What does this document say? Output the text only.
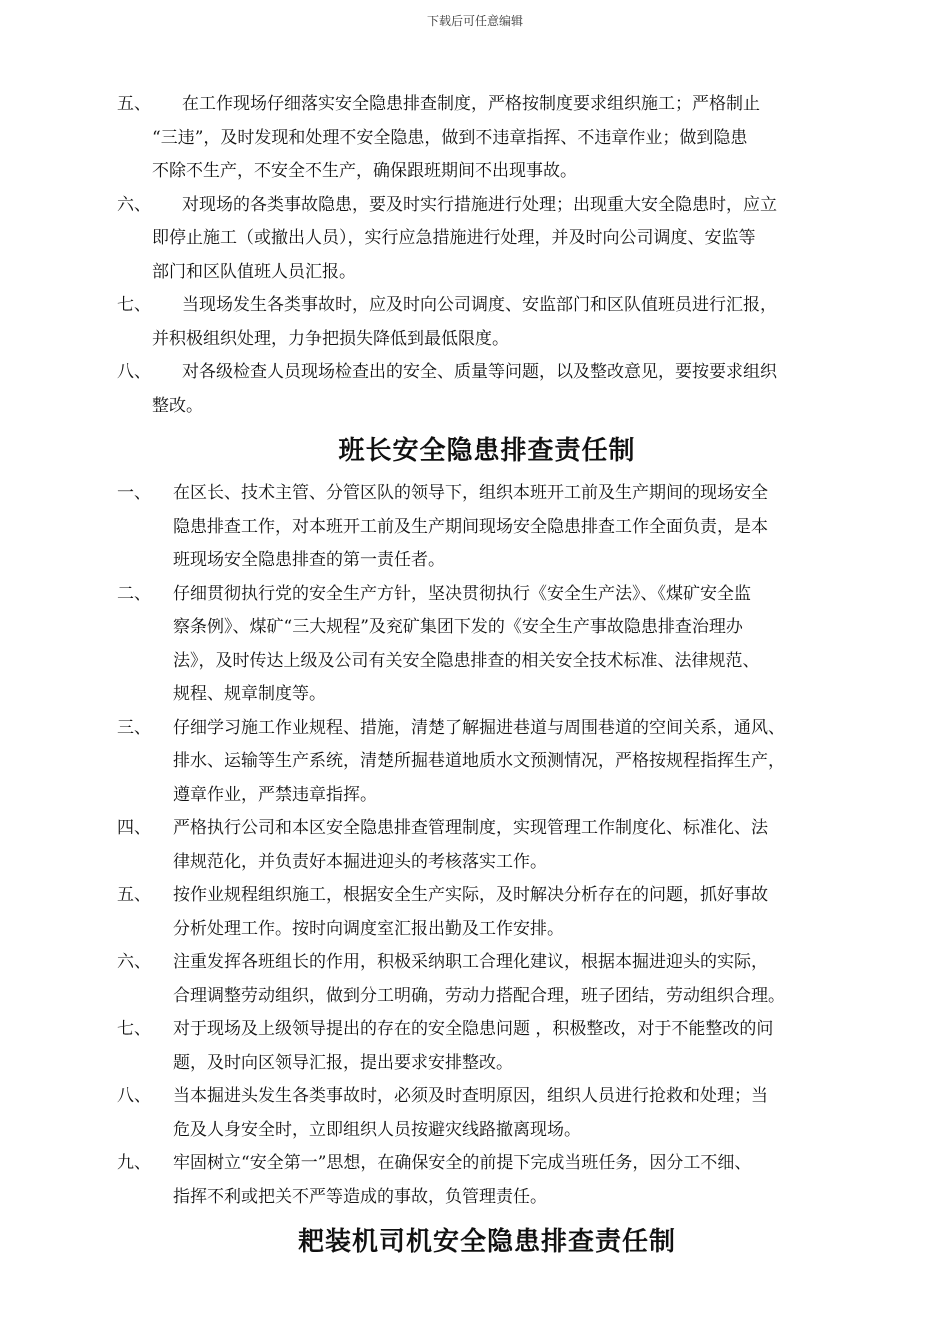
下载后可任意编辑
五、	在工作现场仔细落实安全隐患排查制度，严格按制度要求组织施工；严格制止

“三违”，及时发现和处理不安全隐患，做到不违章指挥、不违章作业；做到隐患

不除不生产，不安全不生产，确保跟班期间不出现事故。

六、	对现场的各类事故隐患，要及时实行措施进行处理；出现重大安全隐患时，应立

即停止施工（或撤出人员），实行应急措施进行处理，并及时向公司调度、安监等

部门和区队值班人员汇报。

七、	当现场发生各类事故时，应及时向公司调度、安监部门和区队值班员进行汇报，

并积极组织处理，力争把损失降低到最低限度。

八、	对各级检查人员现场检查出的安全、质量等问题，以及整改意见，要按要求组织

整改。

班长安全隐患排查责任制
一、	在区长、技术主管、分管区队的领导下，组织本班开工前及生产期间的现场安全

隐患排查工作，对本班开工前及生产期间现场安全隐患排查工作全面负责，是本

班现场安全隐患排查的第一责任者。

二、	仔细贯彻执行党的安全生产方针，坚决贯彻执行《安全生产法》、《煤矿安全监

察条例》、煤矿“三大规程”及兖矿集团下发的《安全生产事故隐患排查治理办

法》，及时传达上级及公司有关安全隐患排查的相关安全技术标准、法律规范、

规程、规章制度等。

三、	仔细学习施工作业规程、措施，清楚了解掘进巷道与周围巷道的空间关系，通风、

排水、运输等生产系统，清楚所掘巷道地质水文预测情况，严格按规程指挥生产，

遵章作业，严禁违章指挥。

四、	严格执行公司和本区安全隐患排查管理制度，实现管理工作制度化、标准化、法

律规范化，并负责好本掘进迎头的考核落实工作。

五、	按作业规程组织施工，根据安全生产实际，及时解决分析存在的问题，抓好事故

分析处理工作。按时向调度室汇报出勤及工作安排。

六、	注重发挥各班组长的作用，积极采纳职工合理化建议，根据本掘进迎头的实际，

合理调整劳动组织，做到分工明确，劳动力搭配合理，班子团结，劳动组织合理。

七、	对于现场及上级领导提出的存在的安全隐患问题 ，积极整改，对于不能整改的问

题，及时向区领导汇报，提出要求安排整改。

八、	当本掘进头发生各类事故时，必须及时查明原因，组织人员进行抢救和处理；当

危及人身安全时，立即组织人员按避灾线路撤离现场。

九、	牢固树立“安全第一”思想，在确保安全的前提下完成当班任务，因分工不细、

指挥不利或把关不严等造成的事故，负管理责任。

耙装机司机安全隐患排查责任制
